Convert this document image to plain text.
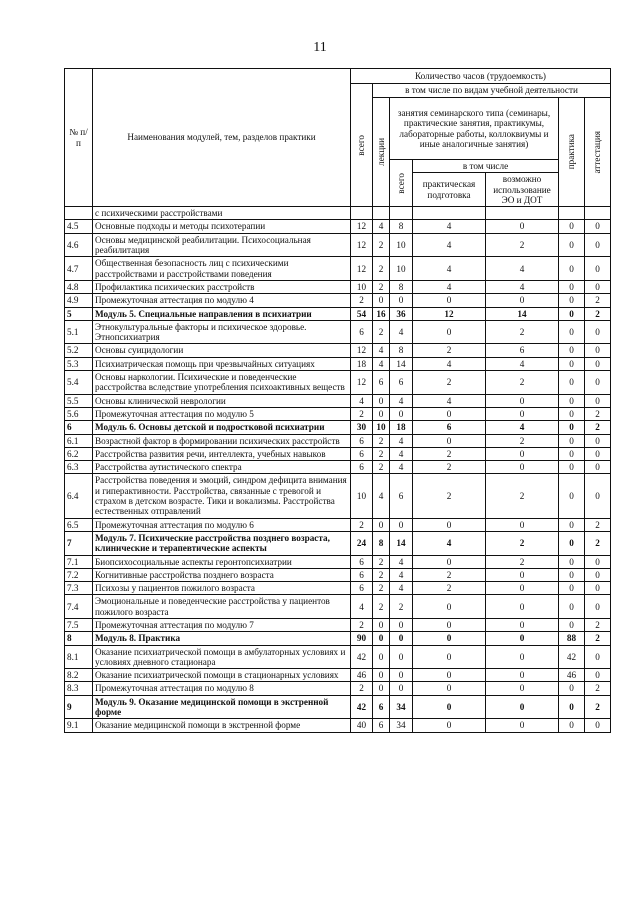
11
№ п/п	Наименования модулей, тем, разделов практики	Количество часов (трудоемкость)						

		всего	в том числе по видам учебной деятельности					

			лекции	занятия семинарского типа (семинары, практические занятия, практикумы, лабораторные работы, коллоквиумы и иные аналогичные занятия)			практика	аттестация

				всего	в том числе			
					практическая подготовка	возможно использование ЭО и ДОТ		
	с психическими расстройствами							
4.5	Основные подходы и методы психотерапии	12	4	8	4	0	0	0
4.6	Основы медицинской реабилитации. Психосоциальная реабилитация	12	2	10	4	2	0	0
4.7	Общественная безопасность лиц с психическими расстройствами и расстройствами поведения	12	2	10	4	4	0	0
4.8	Профилактика психических расстройств	10	2	8	4	4	0	0
4.9	Промежуточная аттестация по модулю 4	2	0	0	0	0	0	2
5	Модуль 5. Специальные направления в психиатрии	54	16	36	12	14	0	2
5.1	Этнокультуральные факторы и психическое здоровье. Этнопсихиатрия	6	2	4	0	2	0	0
5.2	Основы суицидологии	12	4	8	2	6	0	0
5.3	Психиатрическая помощь при чрезвычайных ситуациях	18	4	14	4	4	0	0
5.4	Основы наркологии. Психические и поведенческие расстройства вследствие употребления психоактивных веществ	12	6	6	2	2	0	0
5.5	Основы клинической неврологии	4	0	4	4	0	0	0
5.6	Промежуточная аттестация по модулю 5	2	0	0	0	0	0	2
6	Модуль 6. Основы детской и подростковой психиатрии	30	10	18	6	4	0	2
6.1	Возрастной фактор в формировании психических расстройств	6	2	4	0	2	0	0
6.2	Расстройства развития речи, интеллекта, учебных навыков	6	2	4	2	0	0	0
6.3	Расстройства аутистического спектра	6	2	4	2	0	0	0
6.4	Расстройства поведения и эмоций, синдром дефицита внимания и гиперактивности. Расстройства, связанные с тревогой и страхом в детском возрасте. Тики и вокализмы. Расстройства естественных отправлений	10	4	6	2	2	0	0
6.5	Промежуточная аттестация по модулю 6	2	0	0	0	0	0	2
7	Модуль 7. Психические расстройства позднего возраста, клинические и терапевтические аспекты	24	8	14	4	2	0	2
7.1	Биопсихосоциальные аспекты геронтопсихиатрии	6	2	4	0	2	0	0
7.2	Когнитивные расстройства позднего возраста	6	2	4	2	0	0	0
7.3	Психозы у пациентов пожилого возраста	6	2	4	2	0	0	0
7.4	Эмоциональные и поведенческие расстройства у пациентов пожилого возраста	4	2	2	0	0	0	0
7.5	Промежуточная аттестация по модулю 7	2	0	0	0	0	0	2
8	Модуль 8. Практика	90	0	0	0	0	88	2
8.1	Оказание психиатрической помощи в амбулаторных условиях и условиях дневного стационара	42	0	0	0	0	42	0
8.2	Оказание психиатрической помощи в стационарных условиях	46	0	0	0	0	46	0
8.3	Промежуточная аттестация по модулю 8	2	0	0	0	0	0	2
9	Модуль 9. Оказание медицинской помощи в экстренной форме	42	6	34	0	0	0	2
9.1	Оказание медицинской помощи в экстренной форме	40	6	34	0	0	0	0
